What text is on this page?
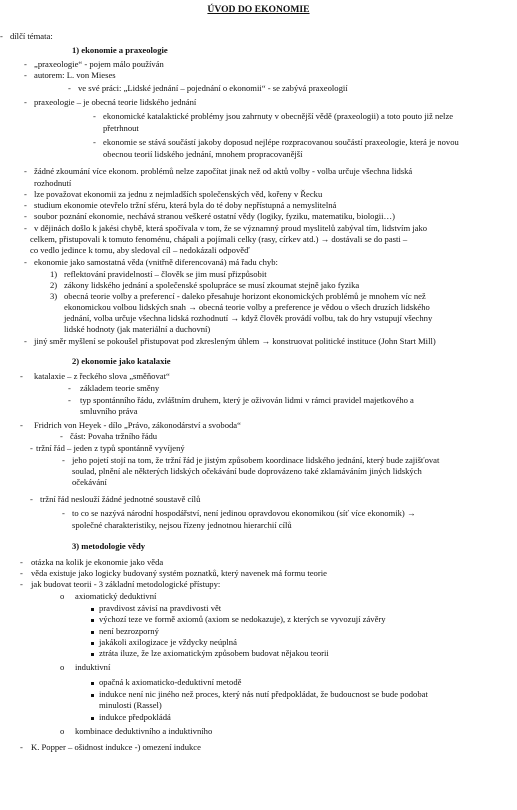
ÚVOD DO EKONOMIE
- dílčí témata:
1) ekonomie a praxeologie
- „praxeologie“ - pojem málo používán
- autorem: L. von Mieses
- ve své práci: „Lidské jednání – pojednání o ekonomii“ - se zabývá praxeologií
- praxeologie – je obecná teorie lidského jednání
- ekonomické katalaktické problémy jsou zahrnuty v obecnější vědě (praxeologii) a toto pouto již nelze
přetrhnout
- ekonomie se stává součástí jakoby doposud nejlépe rozpracovanou součástí praxeologie, která je novou
obecnou teorií lidského jednání, mnohem propracovanější
- žádné zkoumání více ekonom. problémů nelze započítat jinak než od aktů volby - volba určuje všechna lidská
rozhodnutí
- lze považovat ekonomii za jednu z nejmladších společenských věd, kořeny v Řecku
- studium ekonomie otevřelo tržní sféru, která byla do té doby nepřístupná a nemyslitelná
- soubor poznání ekonomie, nechává stranou veškeré ostatní vědy (logiky, fyziku, matematiku, biologii…)
- v dějinách došlo k jakési chybě, která spočívala v tom, že se významný proud myslitelů zabýval tím, lidstvím jako
celkem, přistupovali k tomuto fenoménu, chápali a pojímali celky (rasy, církev atd.) → dostávali se do pasti –
co vedlo jedince k tomu, aby sledoval cíl – nedokázali odpověď
- ekonomie jako samostatná věda (vnitřně diferencovaná) má řadu chyb:
1) reflektování pravidelností – člověk se jim musí přizpůsobit
2) zákony lidského jednání a společenské spolupráce se musí zkoumat stejně jako fyzika
3) obecná teorie volby a preferencí - daleko přesahuje horizont ekonomických problémů je mnohem víc než
ekonomickou volbou lidských snah → obecná teorie volby a preference je vědou o všech druzích lidského
jednání, volba určuje všechna lidská rozhodnutí → když člověk provádí volbu, tak do hry vstupují všechny
lidské hodnoty (jak materiální a duchovní)
- jiný směr myšlení se pokoušel přistupovat pod zkresleným úhlem → konstruovat politické instituce (John Start Mill)
2) ekonomie jako katalaxie
- katalaxie – z řeckého slova „směňovat“
- základem teorie směny
- typ spontánního řádu, zvláštním druhem, který je oživován lidmi v rámci pravidel majetkového a
smluvního práva
- Fridrich von Heyek - dílo „Právo, zákonodárství a svoboda“
- část: Povaha tržního řádu
- tržní řád – jeden z typů spontánně vyvíjený
- jeho pojetí stojí na tom, že tržní řád je jistým způsobem koordinace lidského jednání, který bude zajišťovat
soulad, plnění ale některých lidských očekávání bude doprovázeno také zklamáváním jiných lidských
očekávání
- tržní řád neslouží žádné jednotné soustavě cílů
- to co se nazývá národní hospodářství, není jedinou opravdovou ekonomikou (síť více ekonomik) →
společné charakteristiky, nejsou řízeny jednotnou hierarchií cílů
3) metodologie vědy
- otázka na kolik je ekonomie jako věda
- věda existuje jako logicky budovaný systém poznatků, který navenek má formu teorie
- jak budovat teorii - 3 základní metodologické přístupy:
o axiomatický deduktivní
pravdivost závisí na pravdivosti vět
výchozí teze ve formě axiomů (axiom se nedokazuje), z kterých se vyvozují závěry
není bezrozporný
jakákoli axilogizace je vždycky neúplná
ztráta iluze, že lze axiomatickým způsobem budovat nějakou teorii
o induktivní
opačná k axiomaticko-deduktivní metodě
indukce není nic jiného než proces, který nás nutí předpokládat, že budoucnost se bude podobat
minulosti (Rassel)
indukce předpokládá
o kombinace deduktivního a induktivního
- K. Popper – ošidnost indukce -) omezení indukce
